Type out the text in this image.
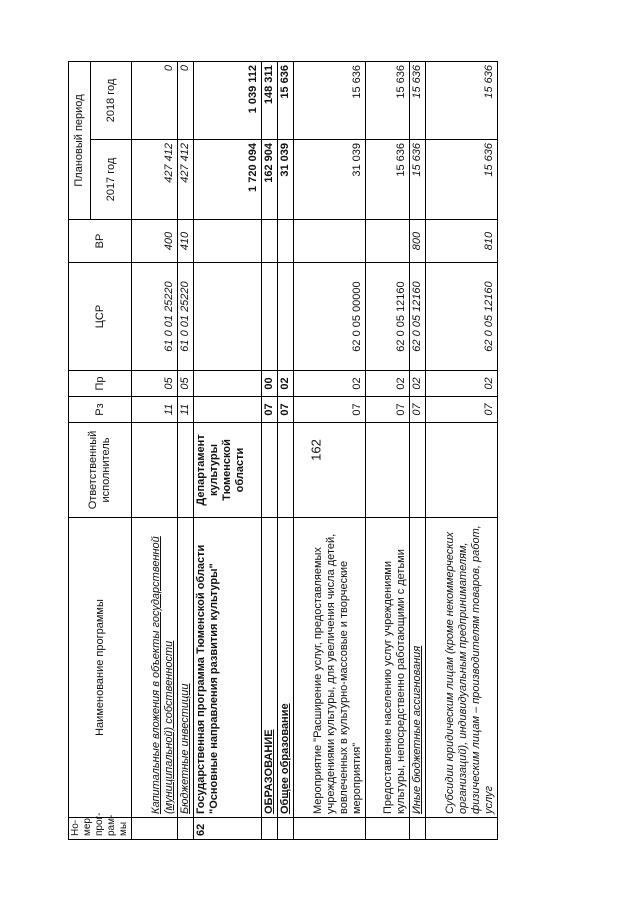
162
Но-мер прог-рам-мы	Наименование программы	Ответственный исполнитель	Рз	Пр	ЦСР	ВР	Плановый период	
							2017 год	2018 год
	Капитальные вложения в объекты государственной (муниципальной) собственности		11	05	61 0 01 25220	400	427 412	0
	Бюджетные инвестиции		11	05	61 0 01 25220	410	427 412	0
62	Государственная программа Тюменской области "Основные направления развития культуры"	Департамент культуры Тюменской области					1 720 094	1 039 112
	ОБРАЗОВАНИЕ		07	00			162 904	148 311
	Общее образование		07	02			31 039	15 636
	Мероприятие "Расширение услуг, предоставляемых учреждениями культуры, для увеличения числа детей, вовлеченных в культурно-массовые и творческие мероприятия"		07	02	62 0 05 00000		31 039	15 636
	Предоставление населению услуг учреждениями культуры, непосредственно работающими с детьми		07	02	62 0 05 12160		15 636	15 636
	Иные бюджетные ассигнования		07	02	62 0 05 12160	800	15 636	15 636
	Субсидии юридическим лицам (кроме некоммерческих организаций), индивидуальным предпринимателям, физическим лицам – производителям товаров, работ, услуг		07	02	62 0 05 12160	810	15 636	15 636
